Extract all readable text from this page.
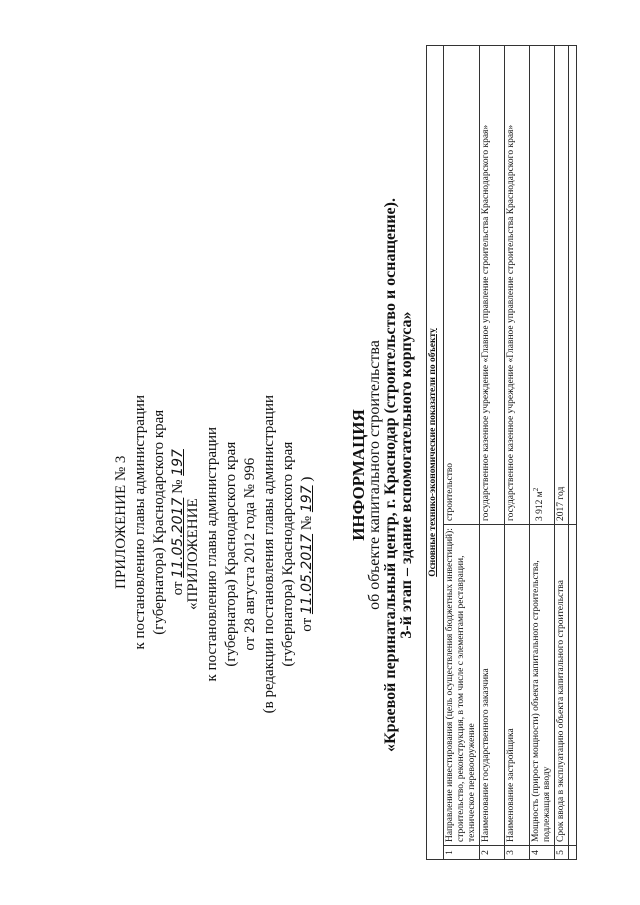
ПРИЛОЖЕНИЕ № 3 к постановлению главы администрации (губернатора) Краснодарского края от 11.05.2017 № 197
«ПРИЛОЖЕНИЕ к постановлению главы администрации (губернатора) Краснодарского края от 28 августа 2012 года № 996 (в редакции постановления главы администрации (губернатора) Краснодарского края от 11.05.2017 № 197 ) ИНФОРМАЦИЯ
об объекте капитального строительства «Краевой перинатальный центр, г. Краснодар (строительство и оснащение). 3-й этап – здание вспомогательного корпуса» Основные технико-экономические показатели по объекту		
1	Направление инвестирования (цель осуществления бюджетных инвестиций): строительство, реконструкция, в том числе с элементами реставрации, техническое перевооружение	строительство
2	Наименование государственного заказчика	государственное казенное учреждение «Главное управление строительства Краснодарского края»
3	Наименование застройщика	государственное казенное учреждение «Главное управление строительства Краснодарского края»
4	Мощность (прирост мощности) объекта капитального строительства, подлежащая вводу	3 912 $м^2$
5	Срок ввода в эксплуатацию объекта капитального строительства	2017 год
